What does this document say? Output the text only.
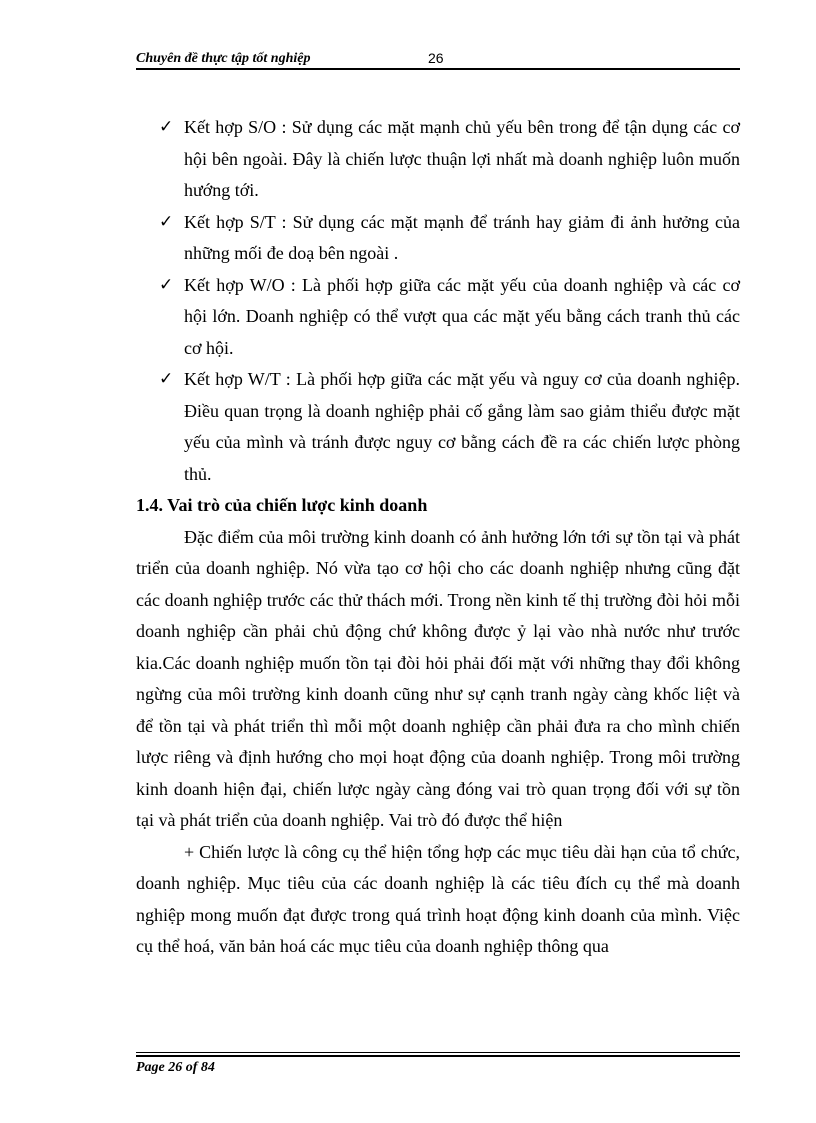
Chuyên đề thực tập tốt nghiệp	26
✓ Kết hợp S/O : Sử dụng các mặt mạnh chủ yếu bên trong để tận dụng các cơ hội bên ngoài. Đây là chiến lược thuận lợi nhất mà doanh nghiệp luôn muốn hướng tới.
✓ Kết hợp S/T : Sử dụng các mặt mạnh để tránh hay giảm đi ảnh hưởng của những mối đe doạ bên ngoài .
✓ Kết hợp W/O : Là phối hợp giữa các mặt yếu của doanh nghiệp và các cơ hội lớn. Doanh nghiệp có thể vượt qua các mặt yếu bằng cách tranh thủ các cơ hội.
✓ Kết hợp W/T : Là phối hợp giữa các mặt yếu và nguy cơ của doanh nghiệp. Điều quan trọng là doanh nghiệp phải cố gắng làm sao giảm thiểu được mặt yếu của mình và tránh được nguy cơ bằng cách đề ra các chiến lược phòng thủ.

1.4. Vai trò của chiến lược kinh doanh

Đặc điểm của môi trường kinh doanh có ảnh hưởng lớn tới sự tồn tại và phát triển của doanh nghiệp. Nó vừa tạo cơ hội cho các doanh nghiệp nhưng cũng đặt các doanh nghiệp trước các thử thách mới. Trong nền kinh tế thị trường đòi hỏi mỗi doanh nghiệp cần phải chủ động chứ không được ỷ lại vào nhà nước như trước kia.Các doanh nghiệp muốn tồn tại đòi hỏi phải đối mặt với những thay đổi không ngừng của môi trường kinh doanh cũng như sự cạnh tranh ngày càng khốc liệt và để tồn tại và phát triển thì mỗi một doanh nghiệp cần phải đưa ra cho mình chiến lược riêng và định hướng cho mọi hoạt động của doanh nghiệp. Trong môi trường kinh doanh hiện đại, chiến lược ngày càng đóng vai trò quan trọng đối với sự tồn tại và phát triển của doanh nghiệp. Vai trò đó được thể hiện

+ Chiến lược là công cụ thể hiện tổng hợp các mục tiêu dài hạn của tổ chức, doanh nghiệp. Mục tiêu của các doanh nghiệp là các tiêu đích cụ thể mà doanh nghiệp mong muốn đạt được trong quá trình hoạt động kinh doanh của mình. Việc cụ thể hoá, văn bản hoá các mục tiêu của doanh nghiệp thông qua

Page 26 of 84
